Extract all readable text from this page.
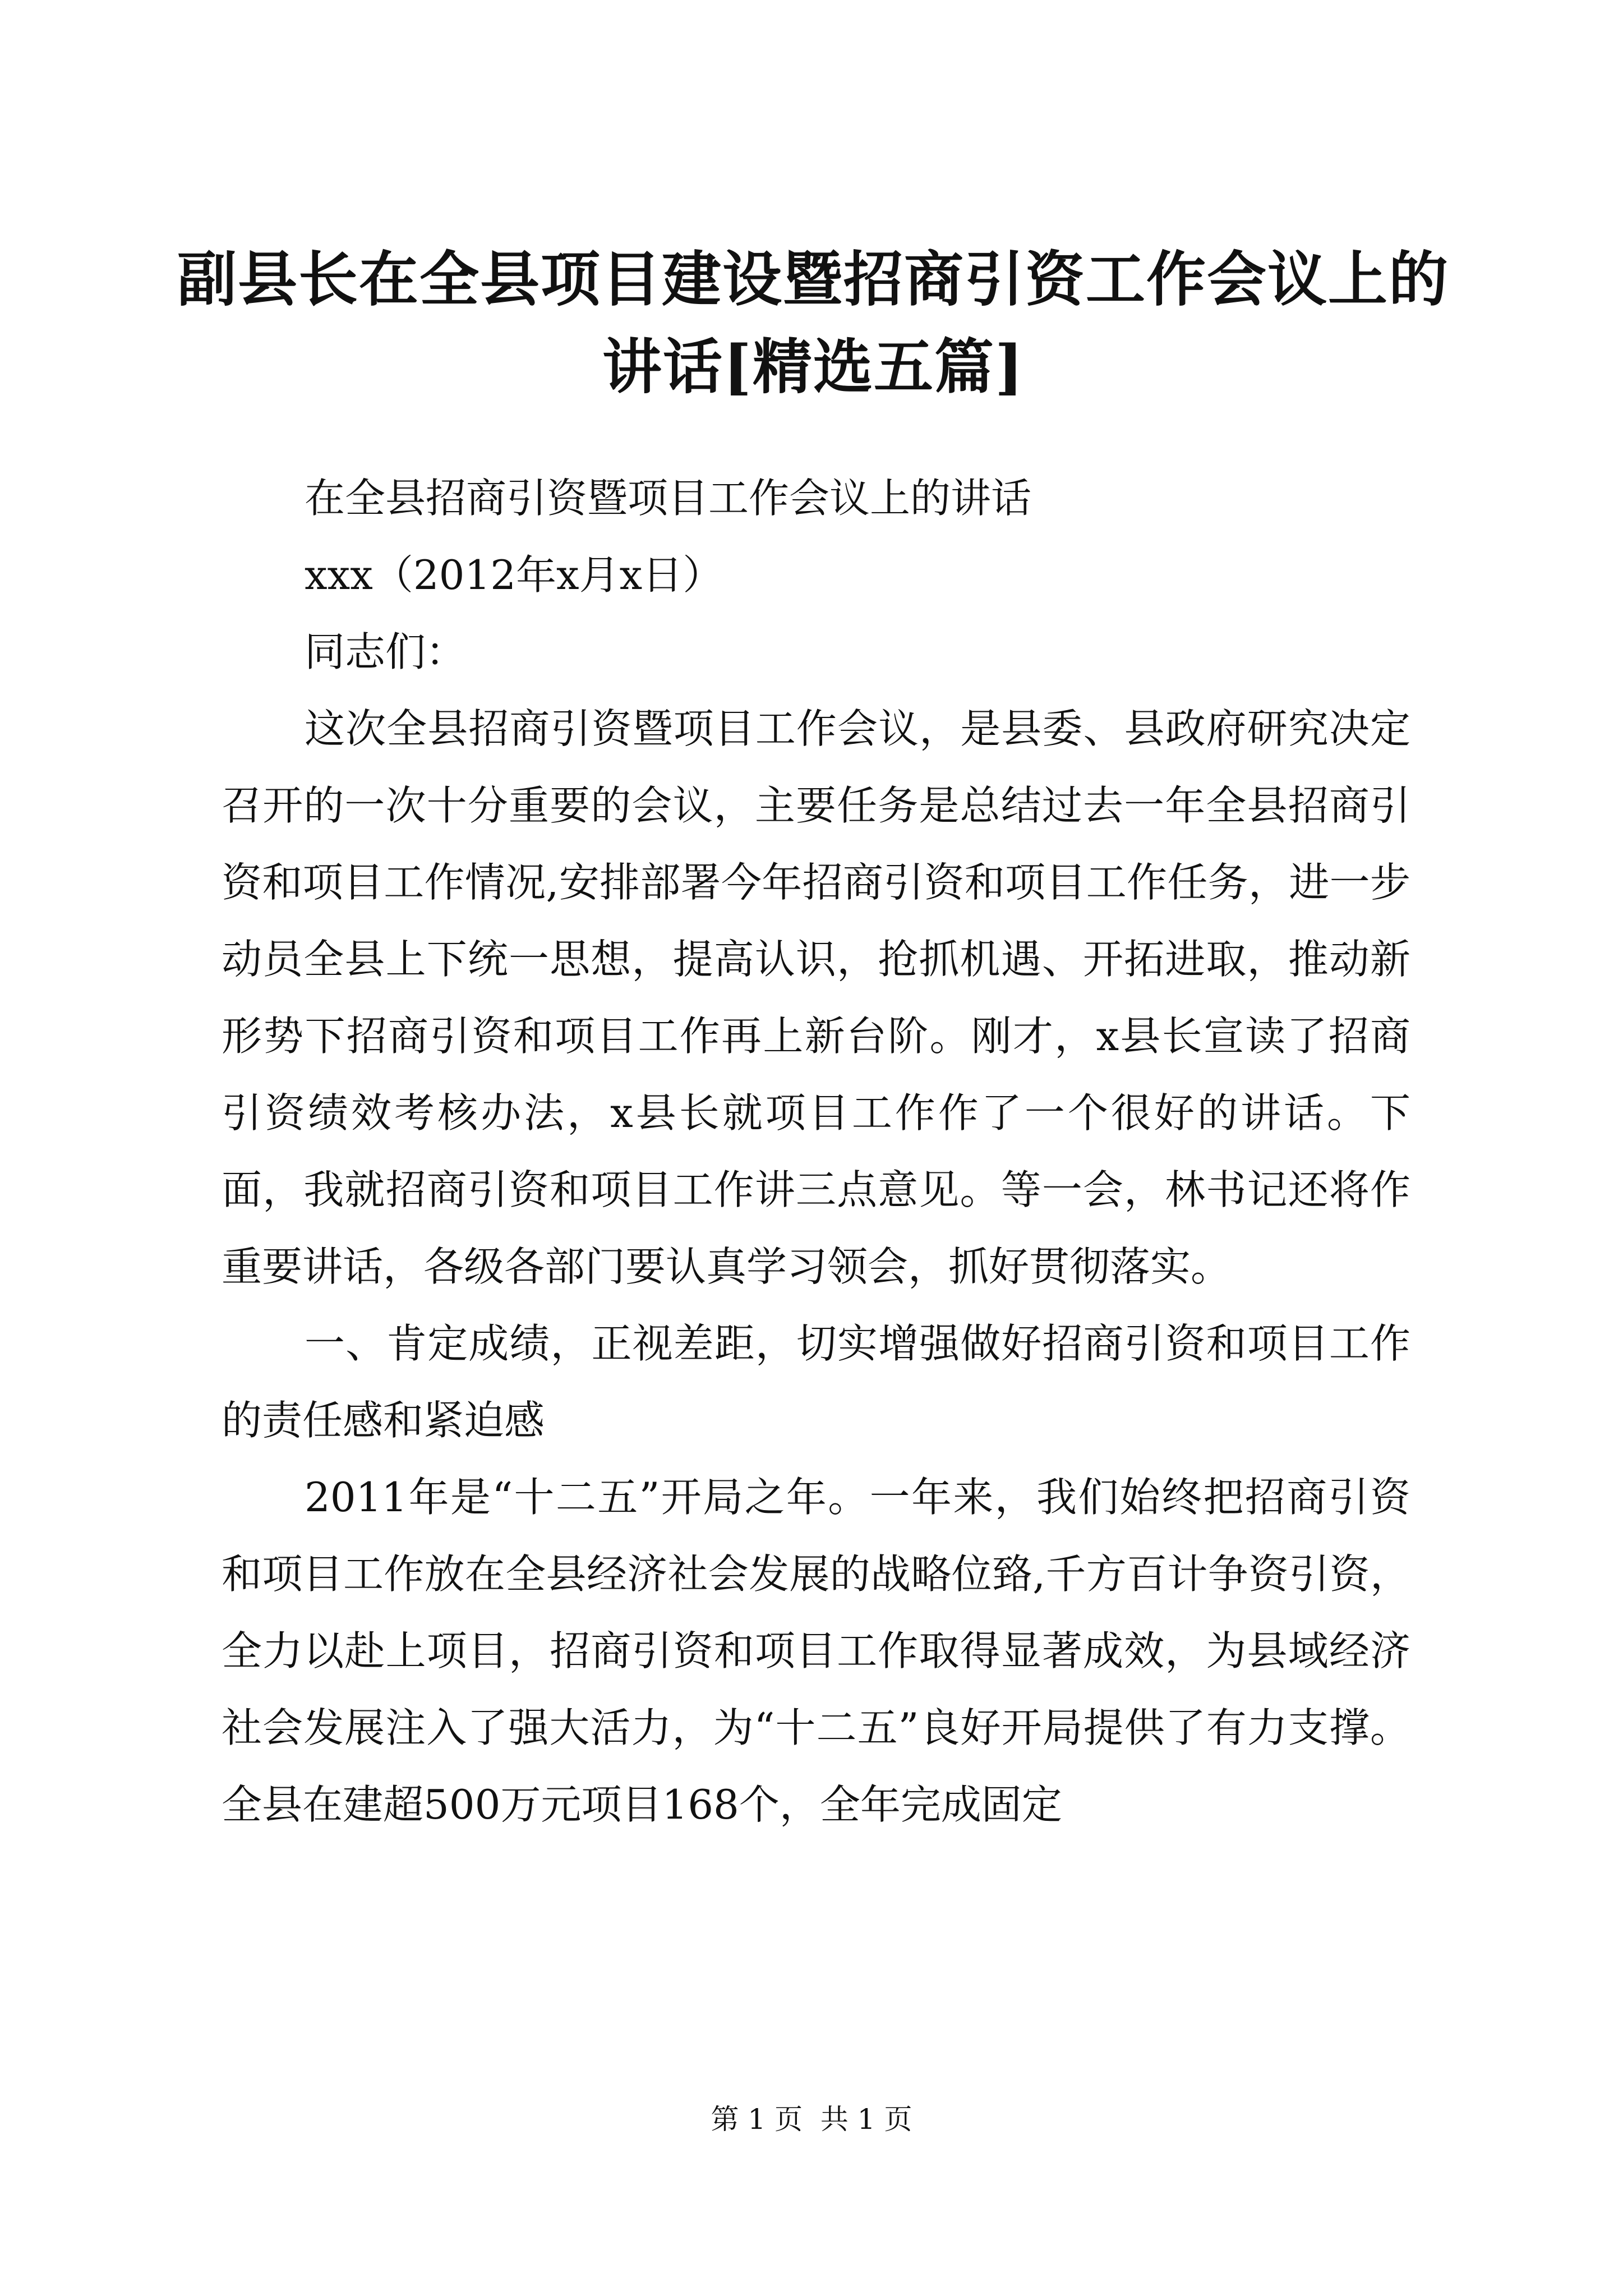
副县长在全县项目建设暨招商引资工作会议上的讲话[精选五篇]

在全县招商引资暨项目工作会议上的讲话

xxx（2012年x月x日）

同志们：

这次全县招商引资暨项目工作会议，是县委、县政府研究决定召开的一次十分重要的会议，主要任务是总结过去一年全县招商引资和项目工作情况,安排部署今年招商引资和项目工作任务，进一步动员全县上下统一思想，提高认识，抢抓机遇、开拓进取，推动新形势下招商引资和项目工作再上新台阶。刚才，x县长宣读了招商引资绩效考核办法，x县长就项目工作作了一个很好的讲话。下面，我就招商引资和项目工作讲三点意见。等一会，林书记还将作重要讲话，各级各部门要认真学习领会，抓好贯彻落实。

一、肯定成绩，正视差距，切实增强做好招商引资和项目工作的责任感和紧迫感

2011年是“十二五”开局之年。一年来，我们始终把招商引资和项目工作放在全县经济社会发展的战略位臵,千方百计争资引资，全力以赴上项目，招商引资和项目工作取得显著成效，为县域经济社会发展注入了强大活力，为“十二五”良好开局提供了有力支撑。全县在建超500万元项目168个，全年完成固定

第 1 页  共 1 页
